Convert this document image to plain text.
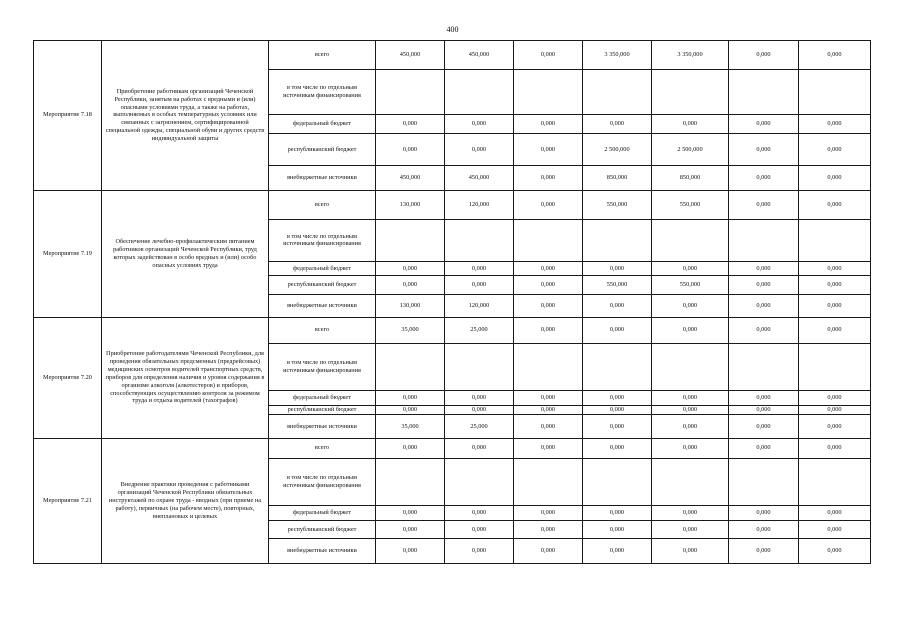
400
Мероприятие 7.18	Приобретение работникам организаций Чеченской Республики, занятым на работах с вредными и (или) опасными условиями труда, а также на работах, выполняемых в особых температурных условиях или связанных с загрязнением, сертифицированной специальной одежды, специальной обуви и других средств индивидуальной защиты	всего	450,000	450,000	0,000	3 350,000	3 350,000	0,000	0,000
		в том числе по отдельным источникам финансирования							
		федеральный бюджет	0,000	0,000	0,000	0,000	0,000	0,000	0,000
		республиканский бюджет	0,000	0,000	0,000	2 500,000	2 500,000	0,000	0,000
		внебюджетные источники	450,000	450,000	0,000	850,000	850,000	0,000	0,000
Мероприятие 7.19	Обеспечение лечебно-профилактическим питанием работников организаций Чеченской Республики, труд которых задействован в особо вредных и (или) особо опасных условиях труда	всего	130,000	120,000	0,000	550,000	550,000	0,000	0,000
		в том числе по отдельным источникам финансирования							
		федеральный бюджет	0,000	0,000	0,000	0,000	0,000	0,000	0,000
		республиканский бюджет	0,000	0,000	0,000	550,000	550,000	0,000	0,000
		внебюджетные источники	130,000	120,000	0,000	0,000	0,000	0,000	0,000
Мероприятие 7.20	Приобретение работодателями Чеченской Республики, для проведения обязательных предсменных (предрейсовых) медицинских осмотров водителей транспортных средств, приборов для определения наличия и уровня содержания в организме алкоголя (алкотестеров) и приборов, способствующих осуществлению контроля за режимом труда и отдыха водителей (тахографов)	всего	35,000	25,000	0,000	0,000	0,000	0,000	0,000
		в том числе по отдельным источникам финансирования							
		федеральный бюджет	0,000	0,000	0,000	0,000	0,000	0,000	0,000
		республиканский бюджет	0,000	0,000	0,000	0,000	0,000	0,000	0,000
		внебюджетные источники	35,000	25,000	0,000	0,000	0,000	0,000	0,000
Мероприятие 7.21	Внедрение практики проведения с работниками организаций Чеченской Республики обязательных инструктажей по охране труда - вводных (при приеме на работу), первичных (на рабочем месте), повторных, внеплановых и целевых	всего	0,000	0,000	0,000	0,000	0,000	0,000	0,000
		в том числе по отдельным источникам финансирования							
		федеральный бюджет	0,000	0,000	0,000	0,000	0,000	0,000	0,000
		республиканский бюджет	0,000	0,000	0,000	0,000	0,000	0,000	0,000
		внебюджетные источники	0,000	0,000	0,000	0,000	0,000	0,000	0,000
